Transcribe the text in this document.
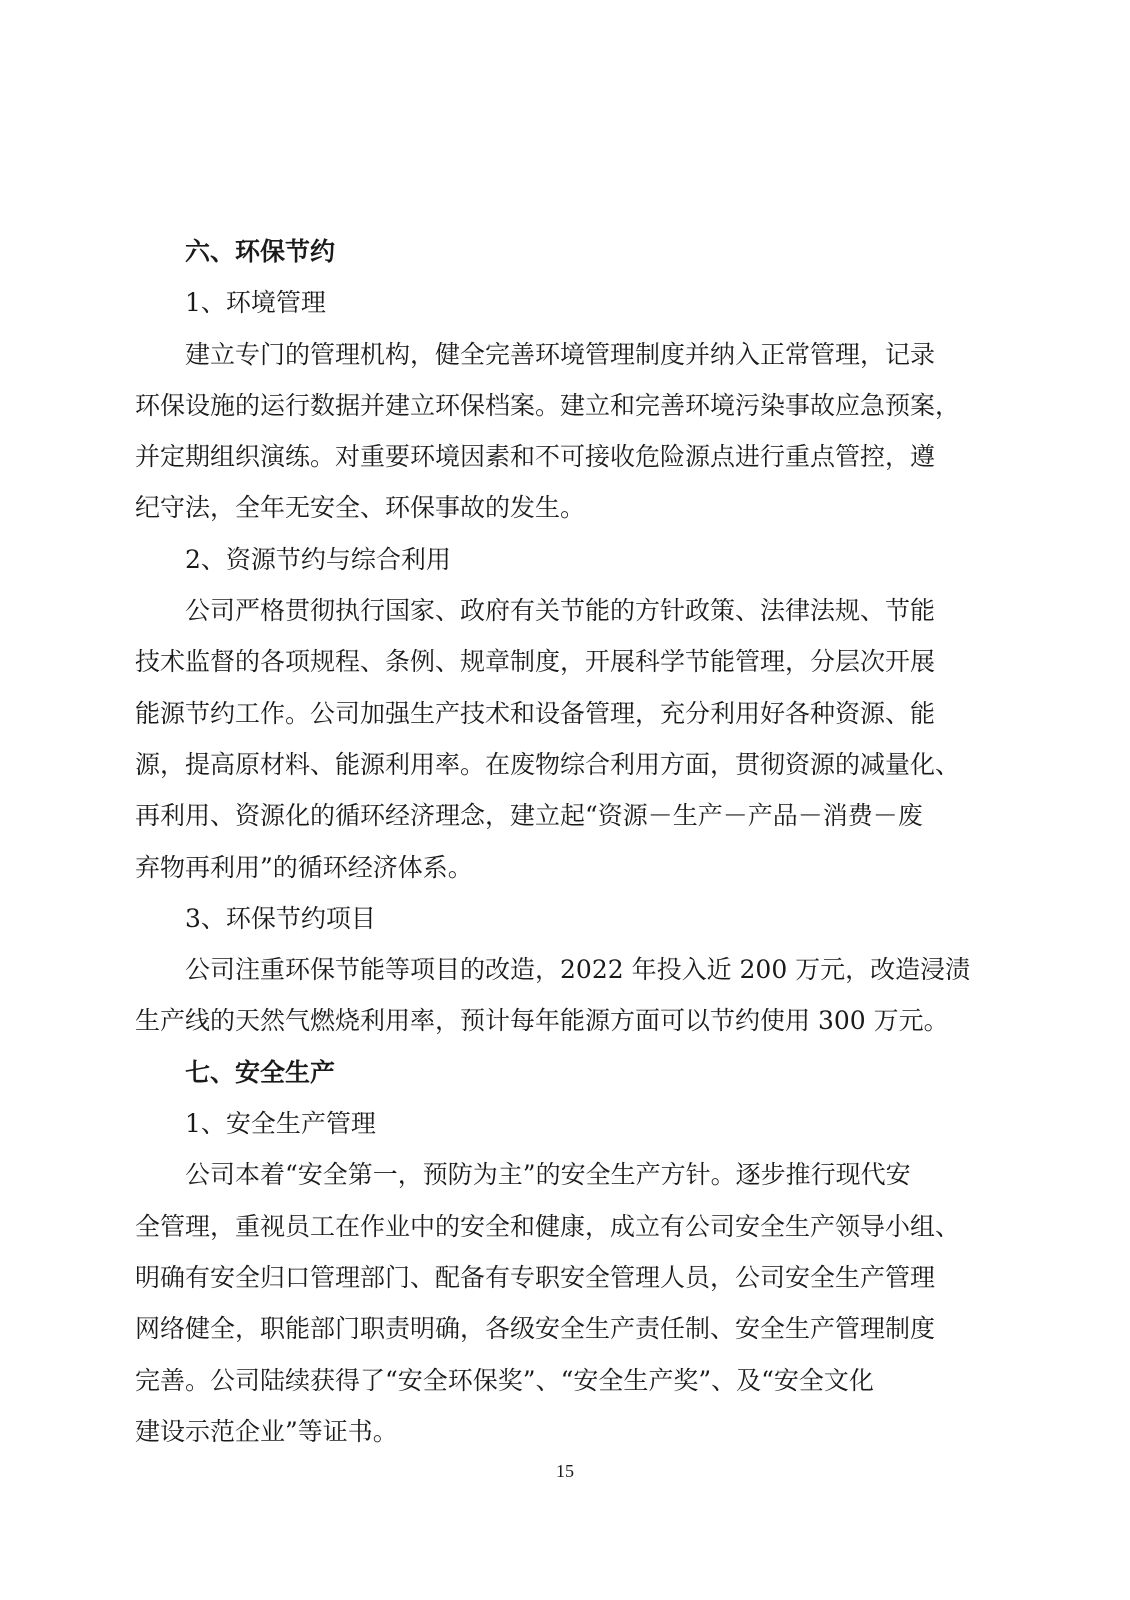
六、环保节约
1、环境管理
建立专门的管理机构，健全完善环境管理制度并纳入正常管理，记录
环保设施的运行数据并建立环保档案。建立和完善环境污染事故应急预案，
并定期组织演练。对重要环境因素和不可接收危险源点进行重点管控，遵
纪守法，全年无安全、环保事故的发生。
2、资源节约与综合利用
公司严格贯彻执行国家、政府有关节能的方针政策、法律法规、节能
技术监督的各项规程、条例、规章制度，开展科学节能管理，分层次开展
能源节约工作。公司加强生产技术和设备管理，充分利用好各种资源、能
源，提高原材料、能源利用率。在废物综合利用方面，贯彻资源的减量化、
再利用、资源化的循环经济理念，建立起“资源－生产－产品－消费－废
弃物再利用”的循环经济体系。
3、环保节约项目
公司注重环保节能等项目的改造，2022 年投入近 200 万元，改造浸渍
生产线的天然气燃烧利用率，预计每年能源方面可以节约使用 300 万元。
七、安全生产
1、安全生产管理
公司本着“安全第一，预防为主”的安全生产方针。逐步推行现代安
全管理，重视员工在作业中的安全和健康，成立有公司安全生产领导小组、
明确有安全归口管理部门、配备有专职安全管理人员，公司安全生产管理
网络健全，职能部门职责明确，各级安全生产责任制、安全生产管理制度
完善。公司陆续获得了“安全环保奖”、“安全生产奖”、及“安全文化
建设示范企业”等证书。
15
